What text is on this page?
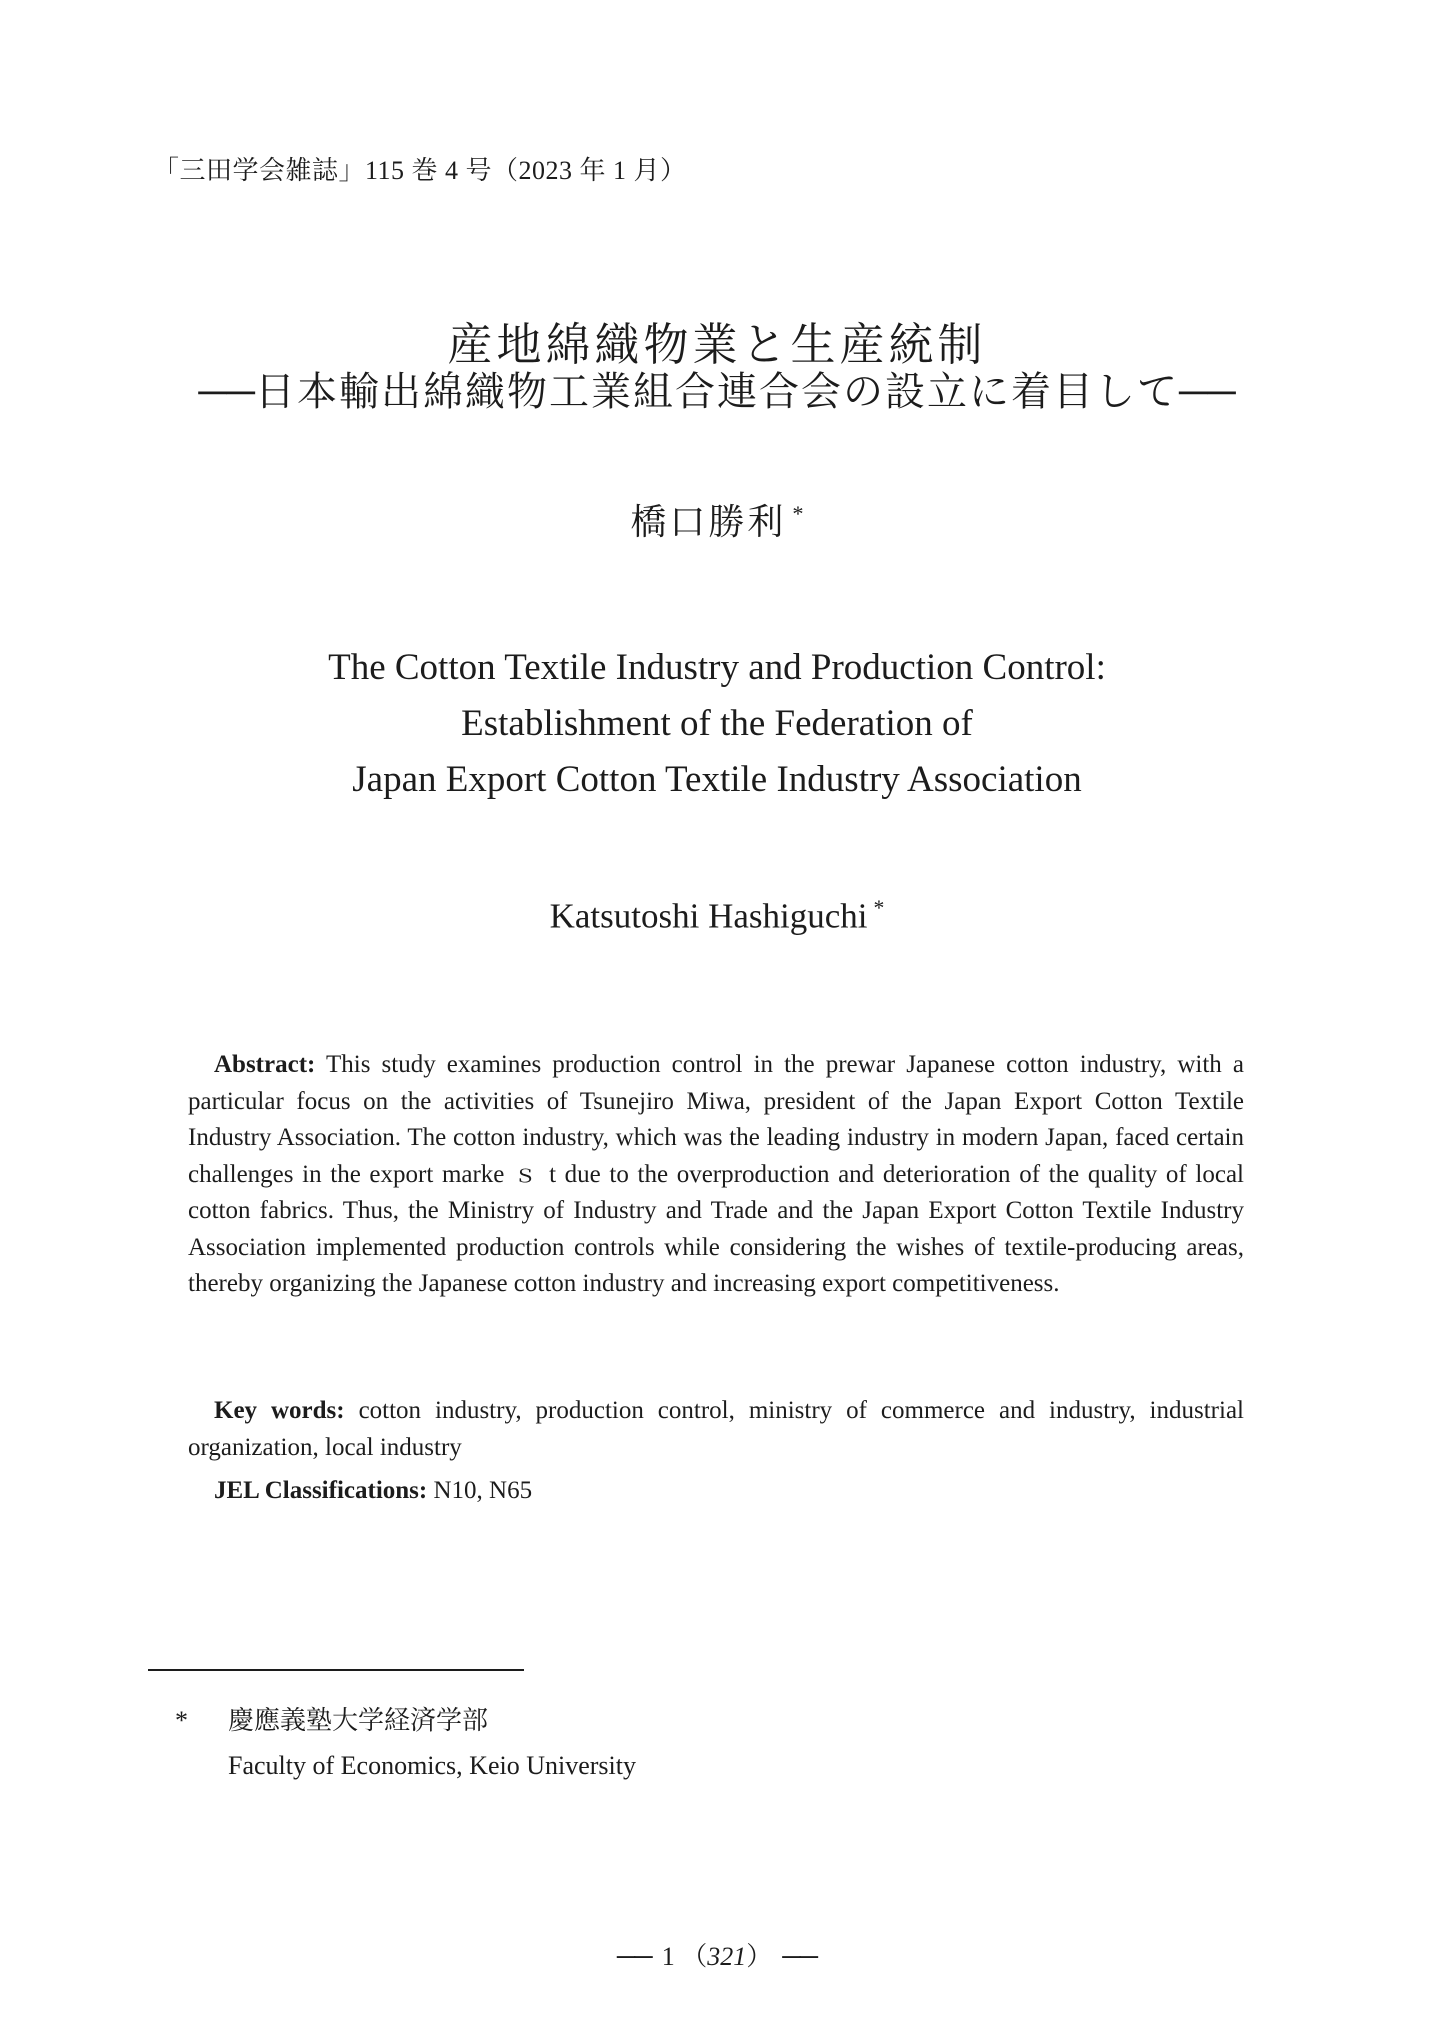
「三田学会雑誌」115 巻 4 号（2023 年 1 月）
産地綿織物業と生産統制
──日本輸出綿織物工業組合連合会の設立に着目して──
橋口勝利 *
The Cotton Textile Industry and Production Control:
Establishment of the Federation of
Japan Export Cotton Textile Industry Association
Katsutoshi Hashiguchi *

Abstract: This study examines production control in the prewar Japanese cotton industry, with a particular focus on the activities of Tsunejiro Miwa, president of the Japan Export Cotton Textile Industry Association. The cotton industry, which was the leading industry in modern Japan, faced certain challenges in the export marke ｓ t due to the overproduction and deterioration of the quality of local cotton fabrics. Thus, the Ministry of Industry and Trade and the Japan Export Cotton Textile Industry Association implemented production controls while considering the wishes of textile-producing areas, thereby organizing the Japanese cotton industry and increasing export competitiveness.

Key words: cotton industry, production control, ministry of commerce and industry, industrial organization, local industry

JEL Classifications: N10, N65

*	慶應義塾大学経済学部
Faculty of Economics, Keio University
── 1 （321） ──
